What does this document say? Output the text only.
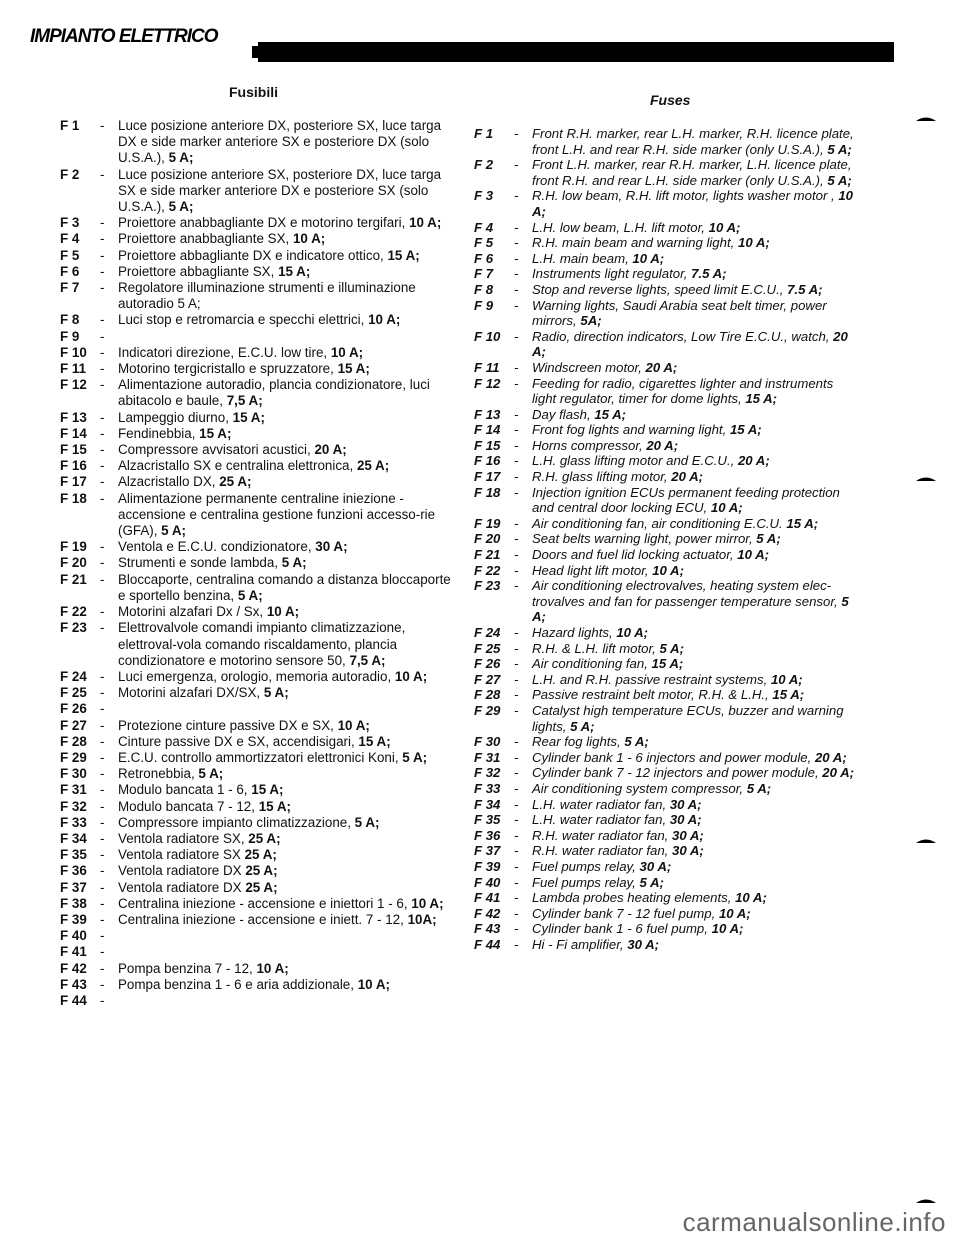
IMPIANTO ELETTRICO
Fusibili	Fuses
F 1	-	Luce posizione anteriore DX, posteriore SX, luce targa DX e side marker anteriore SX e posteriore DX (solo U.S.A.), 5 A;
F 2	-	Luce posizione anteriore SX, posteriore DX, luce targa SX e side marker anteriore DX e posteriore SX (solo U.S.A.), 5 A;
F 3	-	Proiettore anabbagliante DX e motorino tergifari, 10 A;
F 4	-	Proiettore anabbagliante SX, 10 A;
F 5	-	Proiettore abbagliante DX e indicatore ottico, 15 A;
F 6	-	Proiettore abbagliante SX, 15 A;
F 7	-	Regolatore illuminazione strumenti e illuminazione autoradio 5 A;
F 8	-	Luci stop e retromarcia e specchi elettrici, 10 A;
F 9	-
F 10 -	Indicatori direzione, E.C.U. low tire, 10 A;
F 11	-	Motorino tergicristallo e spruzzatore, 15 A;
F 12 -	Alimentazione autoradio, plancia condizionatore, luci abitacolo e baule, 7,5 A;
F 13 -	Lampeggio diurno, 15 A;
F 14 -	Fendinebbia, 15 A;
F 15 -	Compressore avvisatori acustici, 20 A;
F 16 -	Alzacristallo SX e centralina elettronica, 25 A;
F 17 -	Alzacristallo DX, 25 A;
F 18 -	Alimentazione permanente centraline iniezione - accensione e centralina gestione funzioni accesso-rie (GFA), 5 A;
F 19 -	Ventola e E.C.U. condizionatore, 30 A;
F 20 -	Strumenti e sonde lambda, 5 A;
F 21 -	Bloccaporte, centralina comando a distanza bloccaporte e sportello benzina, 5 A;
F 22 -	Motorini alzafari Dx / Sx, 10 A;
F 23 -	Elettrovalvole comandi impianto climatizzazione, elettroval-vola comando riscaldamento, plancia condizionatore e motorino sensore 50, 7,5 A;
F 24 -	Luci emergenza, orologio, memoria autoradio, 10 A;
F 25 -	Motorini alzafari DX/SX, 5 A;
F 26 -
F 27 -	Protezione cinture passive DX e SX, 10 A;
F 28 -	Cinture passive DX e SX, accendisigari, 15 A;
F 29 -	E.C.U. controllo ammortizzatori elettronici Koni, 5 A;
F 30 -	Retronebbia, 5 A;
F 31 -	Modulo bancata 1 - 6, 15 A;
F 32 -	Modulo bancata 7 - 12, 15 A;
F 33 -	Compressore impianto climatizzazione, 5 A;
F 34 -	Ventola radiatore SX, 25 A;
F 35 -	Ventola radiatore SX 25 A;
F 36 -	Ventola radiatore DX 25 A;
F 37 -	Ventola radiatore DX 25 A;
F 38 -	Centralina iniezione - accensione e iniettori 1 - 6, 10 A;
F 39 -	Centralina iniezione - accensione e iniett. 7 - 12, 10A;
F 40 -
F 41 -
F 42 -	Pompa benzina 7 - 12, 10 A;
F 43 -	Pompa benzina 1 - 6 e aria addizionale, 10 A;
F 44 -
F 1	-	Front R.H. marker, rear L.H. marker, R.H. licence plate, front L.H. and rear R.H. side marker (only U.S.A.), 5 A;
F 2	-	Front L.H. marker, rear R.H. marker, L.H. licence plate, front R.H. and rear L.H. side marker (only U.S.A.), 5 A;
F 3	-	R.H. low beam, R.H. lift motor, lights washer motor , 10 A;
F 4	-	L.H. low beam, L.H. lift motor, 10 A;
F 5	-	R.H. main beam and warning light, 10 A;
F 6	-	L.H. main beam, 10 A;
F 7	-	Instruments light regulator, 7.5 A;
F 8	-	Stop and reverse lights, speed limit E.C.U., 7.5 A;
F 9	-	Warning lights, Saudi Arabia seat belt timer, power mirrors, 5A;
F 10	-	Radio, direction indicators, Low Tire E.C.U., watch, 20 A;
F 11	-	Windscreen motor, 20 A;
F 12	-	Feeding for radio, cigarettes lighter and instruments light regulator, timer for dome lights, 15 A;
F 13	-	Day flash, 15 A;
F 14	-	Front fog lights and warning light, 15 A;
F 15	-	Horns compressor, 20 A;
F 16	-	L.H. glass lifting motor and E.C.U., 20 A;
F 17	-	R.H. glass lifting motor, 20 A;
F 18	-	Injection ignition ECUs permanent feeding protection and central door locking ECU, 10 A;
F 19	-	Air conditioning fan, air conditioning E.C.U. 15 A;
F 20	-	Seat belts warning light, power mirror, 5 A;
F 21	-	Doors and fuel lid locking actuator, 10 A;
F 22	-	Head light lift motor, 10 A;
F 23	-	Air conditioning electrovalves, heating system elec-trovalves and fan for passenger temperature sensor, 5 A;
F 24	-	Hazard lights, 10 A;
F 25	-	R.H. & L.H. lift motor, 5 A;
F 26	-	Air conditioning fan, 15 A;
F 27	-	L.H. and R.H. passive restraint systems, 10 A;
F 28	-	Passive restraint belt motor, R.H. & L.H., 15 A;
F 29	-	Catalyst high temperature ECUs, buzzer and warning lights, 5 A;
F 30	-	Rear fog lights, 5 A;
F 31	-	Cylinder bank 1 - 6 injectors and power module, 20 A;
F 32	-	Cylinder bank 7 - 12 injectors and power module, 20 A;
F 33	-	Air conditioning system compressor, 5 A;
F 34	-	L.H. water radiator fan, 30 A;
F 35	-	L.H. water radiator fan, 30 A;
F 36	-	R.H. water radiator fan, 30 A;
F 37	-	R.H. water radiator fan, 30 A;
F 39	-	Fuel pumps relay, 30 A;
F 40	-	Fuel pumps relay, 5 A;
F 41	-	Lambda probes heating elements, 10 A;
F 42	-	Cylinder bank 7 - 12 fuel pump, 10 A;
F 43	-	Cylinder bank 1 - 6 fuel pump, 10 A;
F 44	-	Hi - Fi amplifier, 30 A;
carmanualsonline.info
